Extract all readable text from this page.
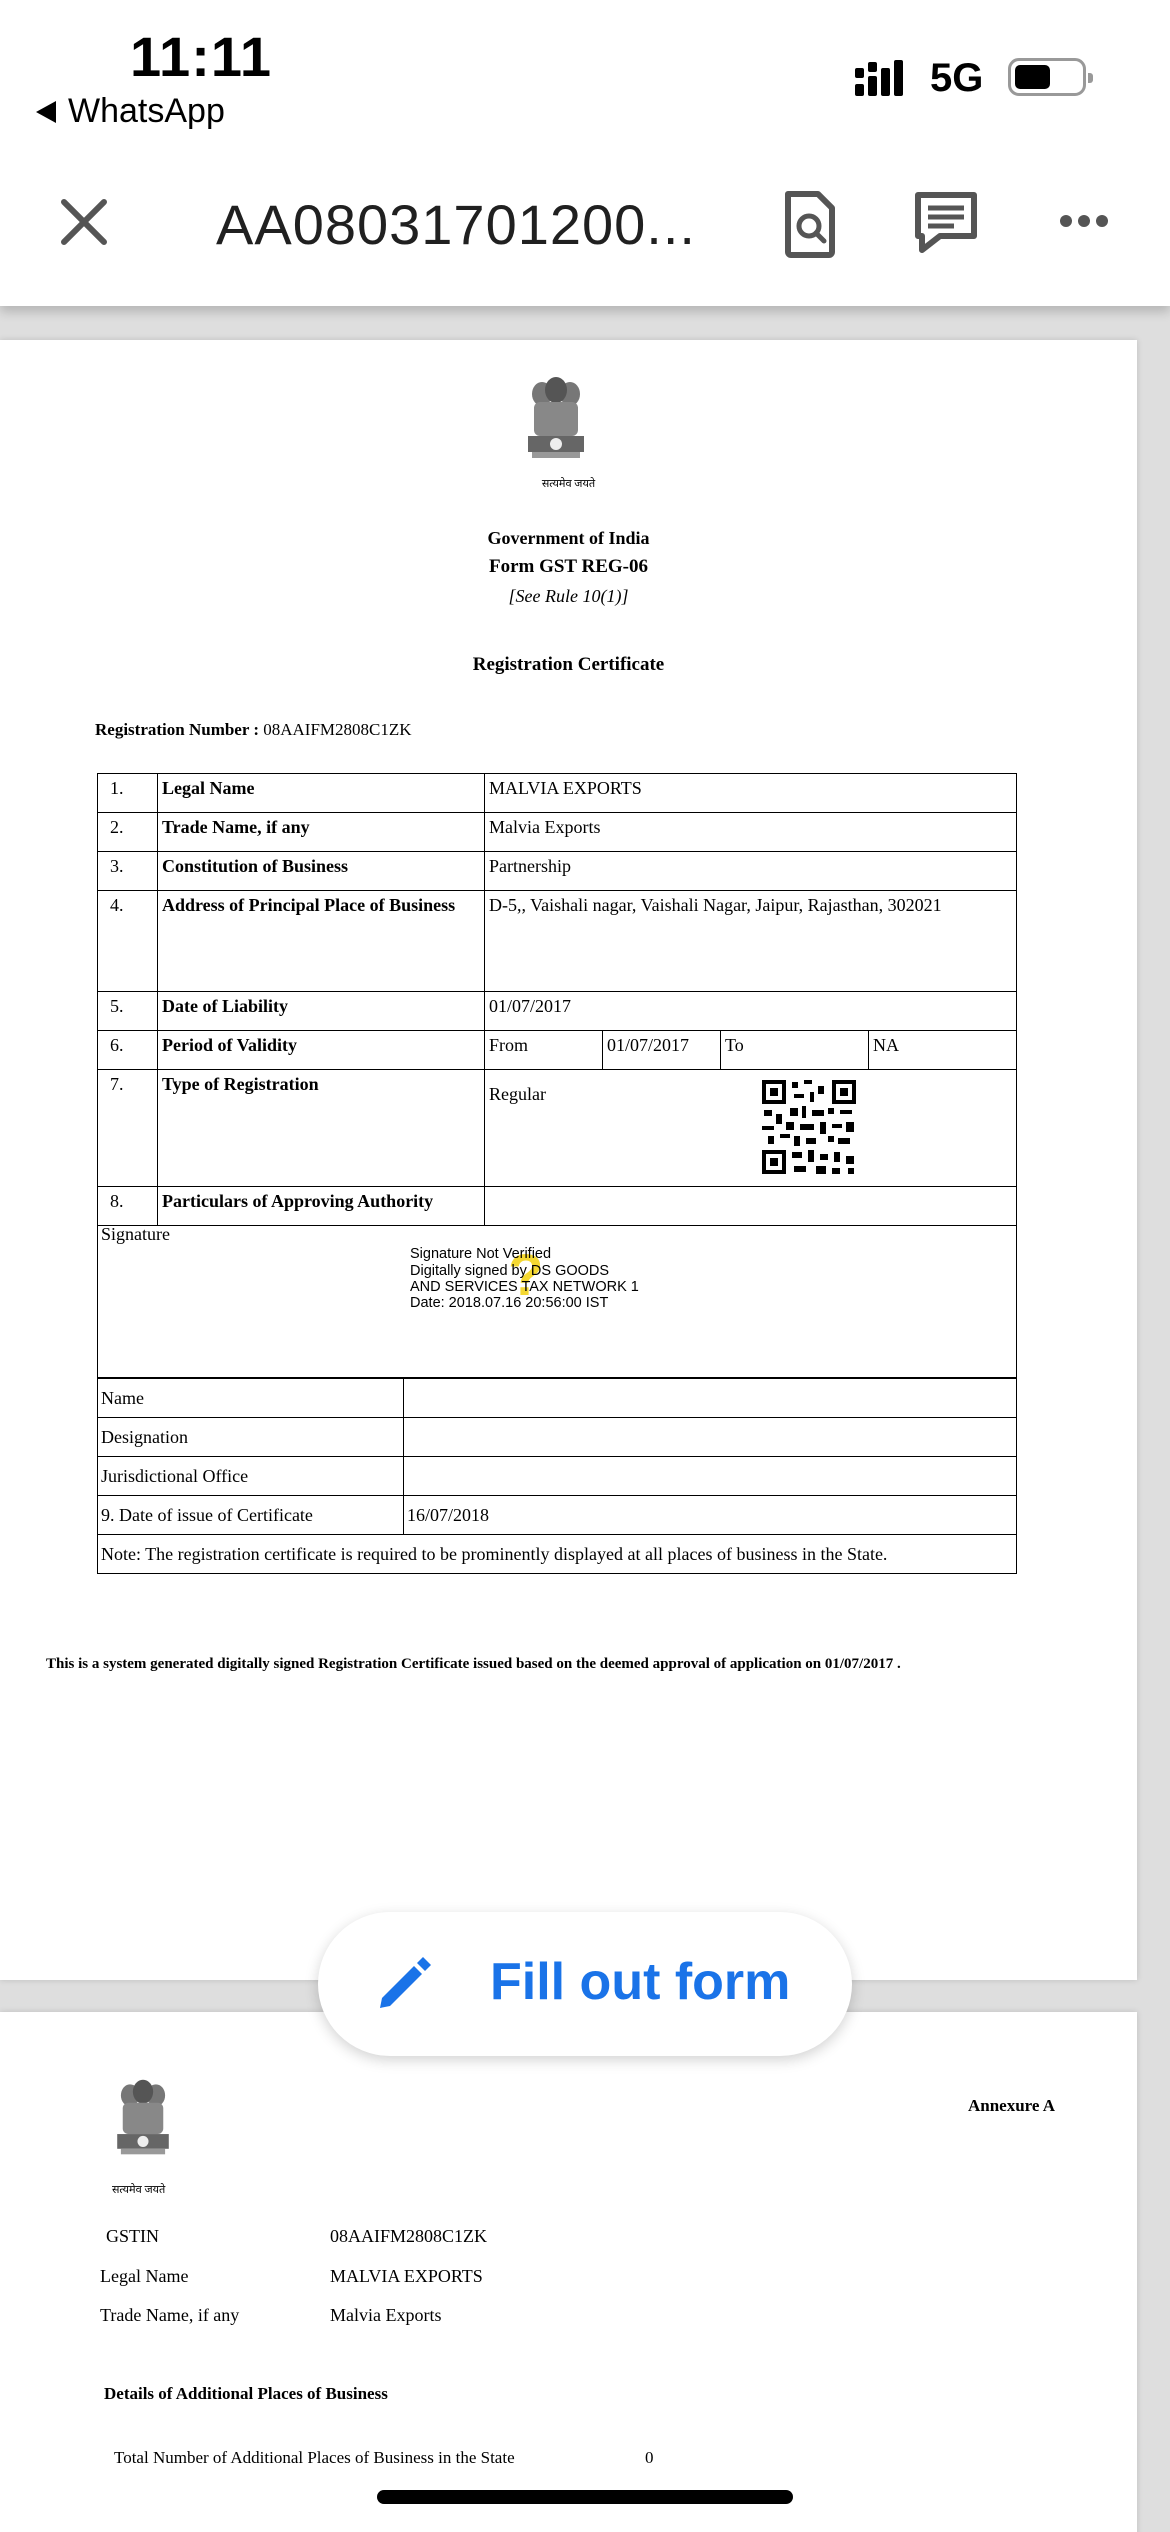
11:11
WhatsApp
5G
AA08031701200...
सत्यमेव जयते
Government of India
Form GST REG-06
[See Rule 10(1)]
Registration Certificate
Registration Number : 08AAIFM2808C1ZK
1.	Legal Name	MALVIA EXPORTS			
2.	Trade Name, if any	Malvia Exports			
3.	Constitution of Business	Partnership			
4.	Address of Principal Place of Business	D-5,, Vaishali nagar, Vaishali Nagar, Jaipur, Rajasthan, 302021			
5.	Date of Liability	01/07/2017			
6.	Period of Validity	From	01/07/2017	To	NA
7.	Type of Registration	Regular			

8.	Particulars of Approving Authority				
Signature
?
Signature Not Verified
Digitally signed by DS GOODS
AND SERVICES TAX NETWORK 1
Date: 2018.07.16 20:56:00 IST
Name	
Designation	
Jurisdictional Office	
9. Date of issue of Certificate	16/07/2018
Note: The registration certificate is required to be prominently displayed at all places of business in the State.	
This is a system generated digitally signed Registration Certificate issued based on the deemed approval of application on 01/07/2017 .
Fill out form
सत्यमेव जयते
Annexure A
GSTIN	08AAIFM2808C1ZK
Legal Name	MALVIA EXPORTS
Trade Name, if any	Malvia Exports
Details of Additional Places of Business
Total Number of Additional Places of Business in the State	0
